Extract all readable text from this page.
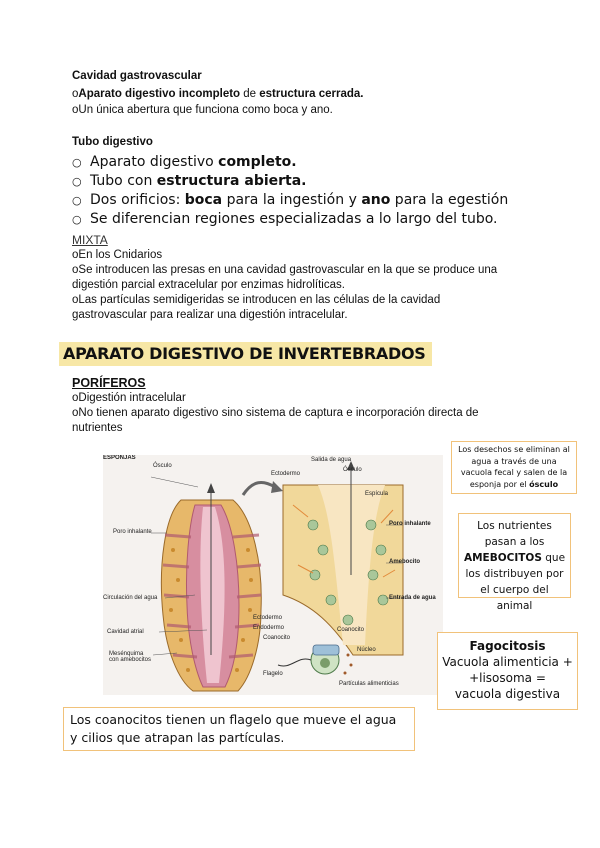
Cavidad gastrovascular
oAparato digestivo incompleto de estructura cerrada.
oUn única abertura que funciona como boca y ano.
Tubo digestivo
○ Aparato digestivo completo.
○ Tubo con estructura abierta.
○ Dos orificios: boca para la ingestión y ano para la egestión
○ Se diferencian regiones especializadas a lo largo del tubo.
MIXTA
oEn los Cnidarios
oSe introducen las presas en una cavidad gastrovascular en la que se produce una
digestión parcial extracelular por enzimas hidrolíticas.
oLas partículas semidigeridas se introducen en las células de la cavidad
gastrovascular para realizar una digestión intracelular.
APARATO DIGESTIVO DE INVERTEBRADOS
PORÍFEROS
oDigestión intracelular
oNo tienen aparato digestivo sino sistema de captura e incorporación directa de
nutrientes
ESPONJAS
Ósculo
Poro inhalante
Circulación del agua
Cavidad atrial
Mesénquima con amebocitos
Salida de agua
Ósculo
Ectodermo
Espícula
Poro inhalante
Amebocito
Entrada de agua
Ectodermo
Endodermo
Coanocito
Coanocito
Núcleo
Flagelo
Partículas alimenticias
Los desechos se eliminan al agua a través de una vacuola fecal y salen de la esponja por el ósculo
Los nutrientes pasan a los AMEBOCITOS que los distribuyen por el cuerpo del animal
Fagocitosis
Vacuola alimenticia +
+lisosoma =
vacuola digestiva
Los coanocitos tienen un flagelo que mueve el agua
y cilios que atrapan las partículas.
